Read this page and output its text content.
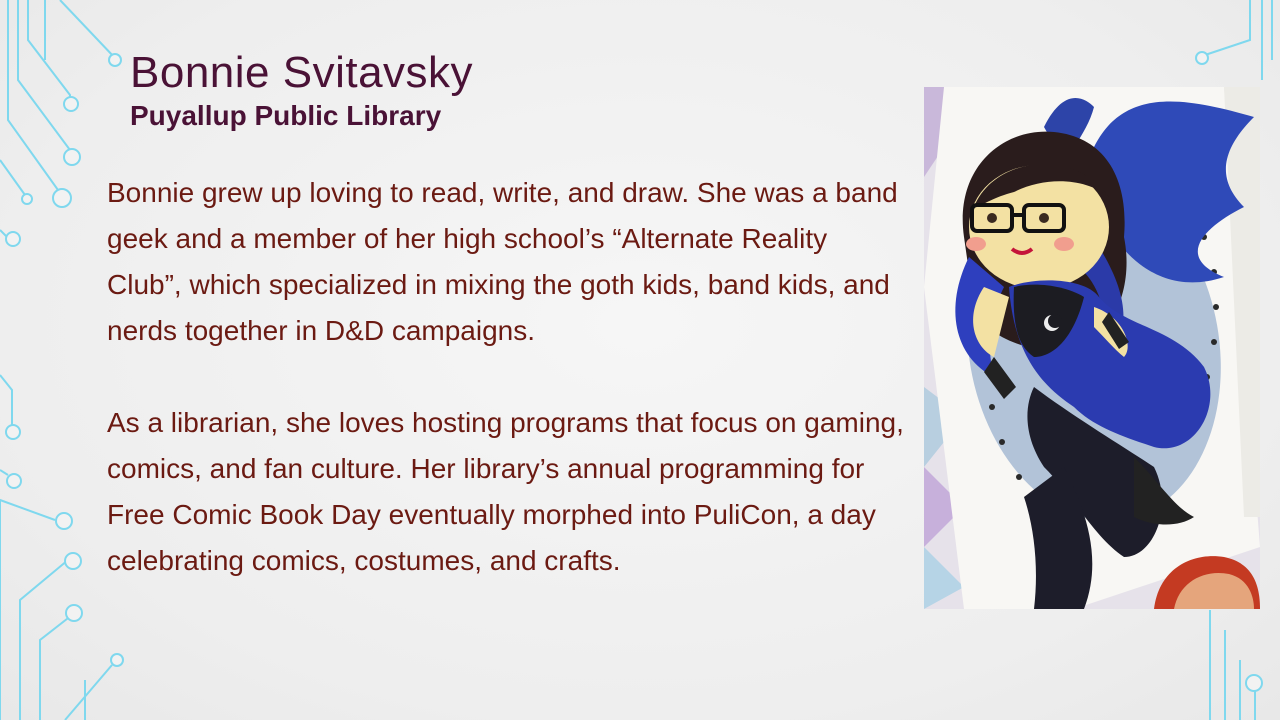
Bonnie Svitavsky
Puyallup Public Library

Bonnie grew up loving to read, write, and draw. She was a band geek and a member of her high school’s “Alternate Reality Club”, which specialized in mixing the goth kids, band kids, and nerds together in D&D campaigns.

As a librarian, she loves hosting programs that focus on gaming, comics, and fan culture. Her library’s annual programming for Free Comic Book Day eventually morphed into PuliCon, a day celebrating comics, costumes, and crafts.
